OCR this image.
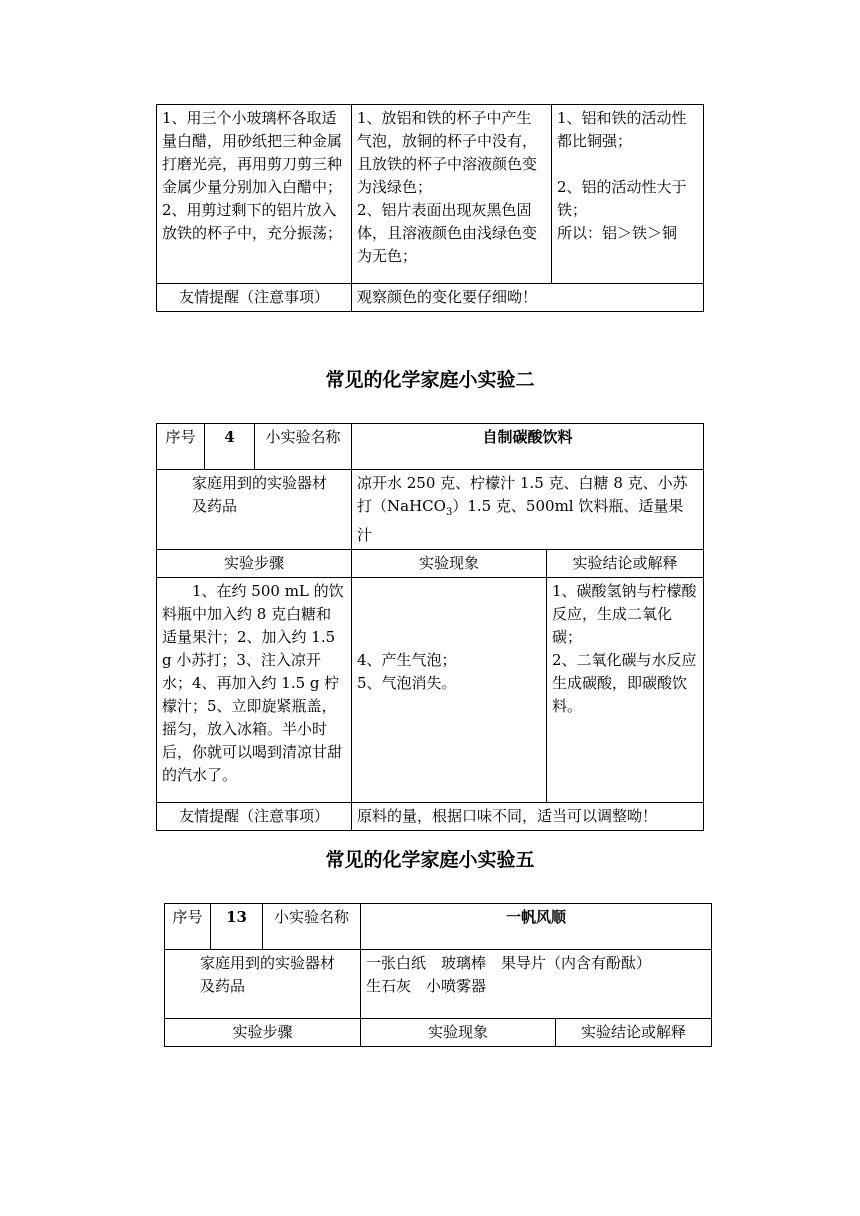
1、用三个小玻璃杯各取适量白醋，用砂纸把三种金属打磨光亮，再用剪刀剪三种金属少量分别加入白醋中；
2、用剪过剩下的铝片放入放铁的杯子中，充分振荡；	1、放铝和铁的杯子中产生气泡，放铜的杯子中没有，且放铁的杯子中溶液颜色变为浅绿色；
2、铝片表面出现灰黑色固体，且溶液颜色由浅绿色变为无色；	1、铝和铁的活动性都比铜强；
2、铝的活动性大于铁；
所以：铝＞铁＞铜

友情提醒（注意事项）	观察颜色的变化要仔细呦！	
常见的化学家庭小实验二
序号	4	小实验名称	自制碳酸饮料	

家庭用到的实验器材
及药品			凉开水 250 克、柠檬汁 1.5 克、白糖 8 克、小苏打（NaHCO$_3$）1.5 克、500ml 饮料瓶、适量果汁	
实验步骤			实验现象	实验结论或解释
1、在约 500 mL 的饮料瓶中加入约 8 克白糖和适量果汁；2、加入约 1.5 g 小苏打；3、注入凉开水；4、再加入约 1.5 g 柠檬汁；5、立即旋紧瓶盖，摇匀，放入冰箱。半小时后，你就可以喝到清凉甘甜的汽水了。			4、产生气泡；
5、气泡消失。	1、碳酸氢钠与柠檬酸反应，生成二氧化碳；
2、二氧化碳与水反应生成碳酸，即碳酸饮料。

友情提醒（注意事项）			原料的量，根据口味不同，适当可以调整呦！	
常见的化学家庭小实验五
序号	13	小实验名称	一帆风顺	

家庭用到的实验器材
及药品			一张白纸　玻璃棒　果导片（内含有酚酞）
生石灰　小喷雾器	

实验步骤			实验现象	实验结论或解释
